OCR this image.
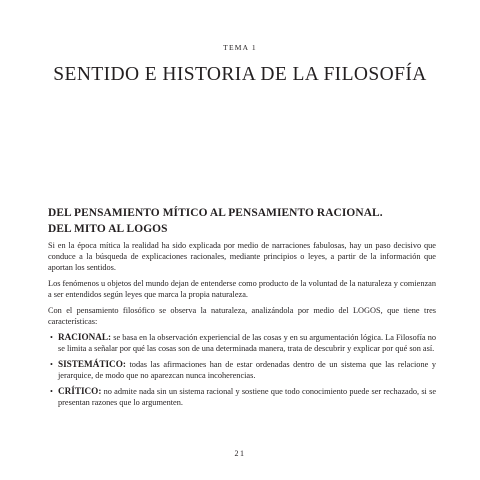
TEMA 1
SENTIDO E HISTORIA DE LA FILOSOFÍA
DEL PENSAMIENTO MÍTICO AL PENSAMIENTO RACIONAL.
DEL MITO AL LOGOS

Si en la época mítica la realidad ha sido explicada por medio de narraciones fabulosas, hay un paso decisivo que conduce a la búsqueda de explicaciones racionales, mediante principios o leyes, a partir de la información que aportan los sentidos.

Los fenómenos u objetos del mundo dejan de entenderse como producto de la voluntad de la naturaleza y comienzan a ser entendidos según leyes que marca la propia naturaleza.

Con el pensamiento filosófico se observa la naturaleza, analizándola por medio del LOGOS, que tiene tres características:

• RACIONAL: se basa en la observación experiencial de las cosas y en su argumentación lógica. La Filosofía no se limita a señalar por qué las cosas son de una determinada manera, trata de descubrir y explicar por qué son así.
• SISTEMÁTICO: todas las afirmaciones han de estar ordenadas dentro de un sistema que las relacione y jerarquice, de modo que no aparezcan nunca incoherencias.
• CRÍTICO: no admite nada sin un sistema racional y sostiene que todo conocimiento puede ser rechazado, si se presentan razones que lo argumenten.
21
